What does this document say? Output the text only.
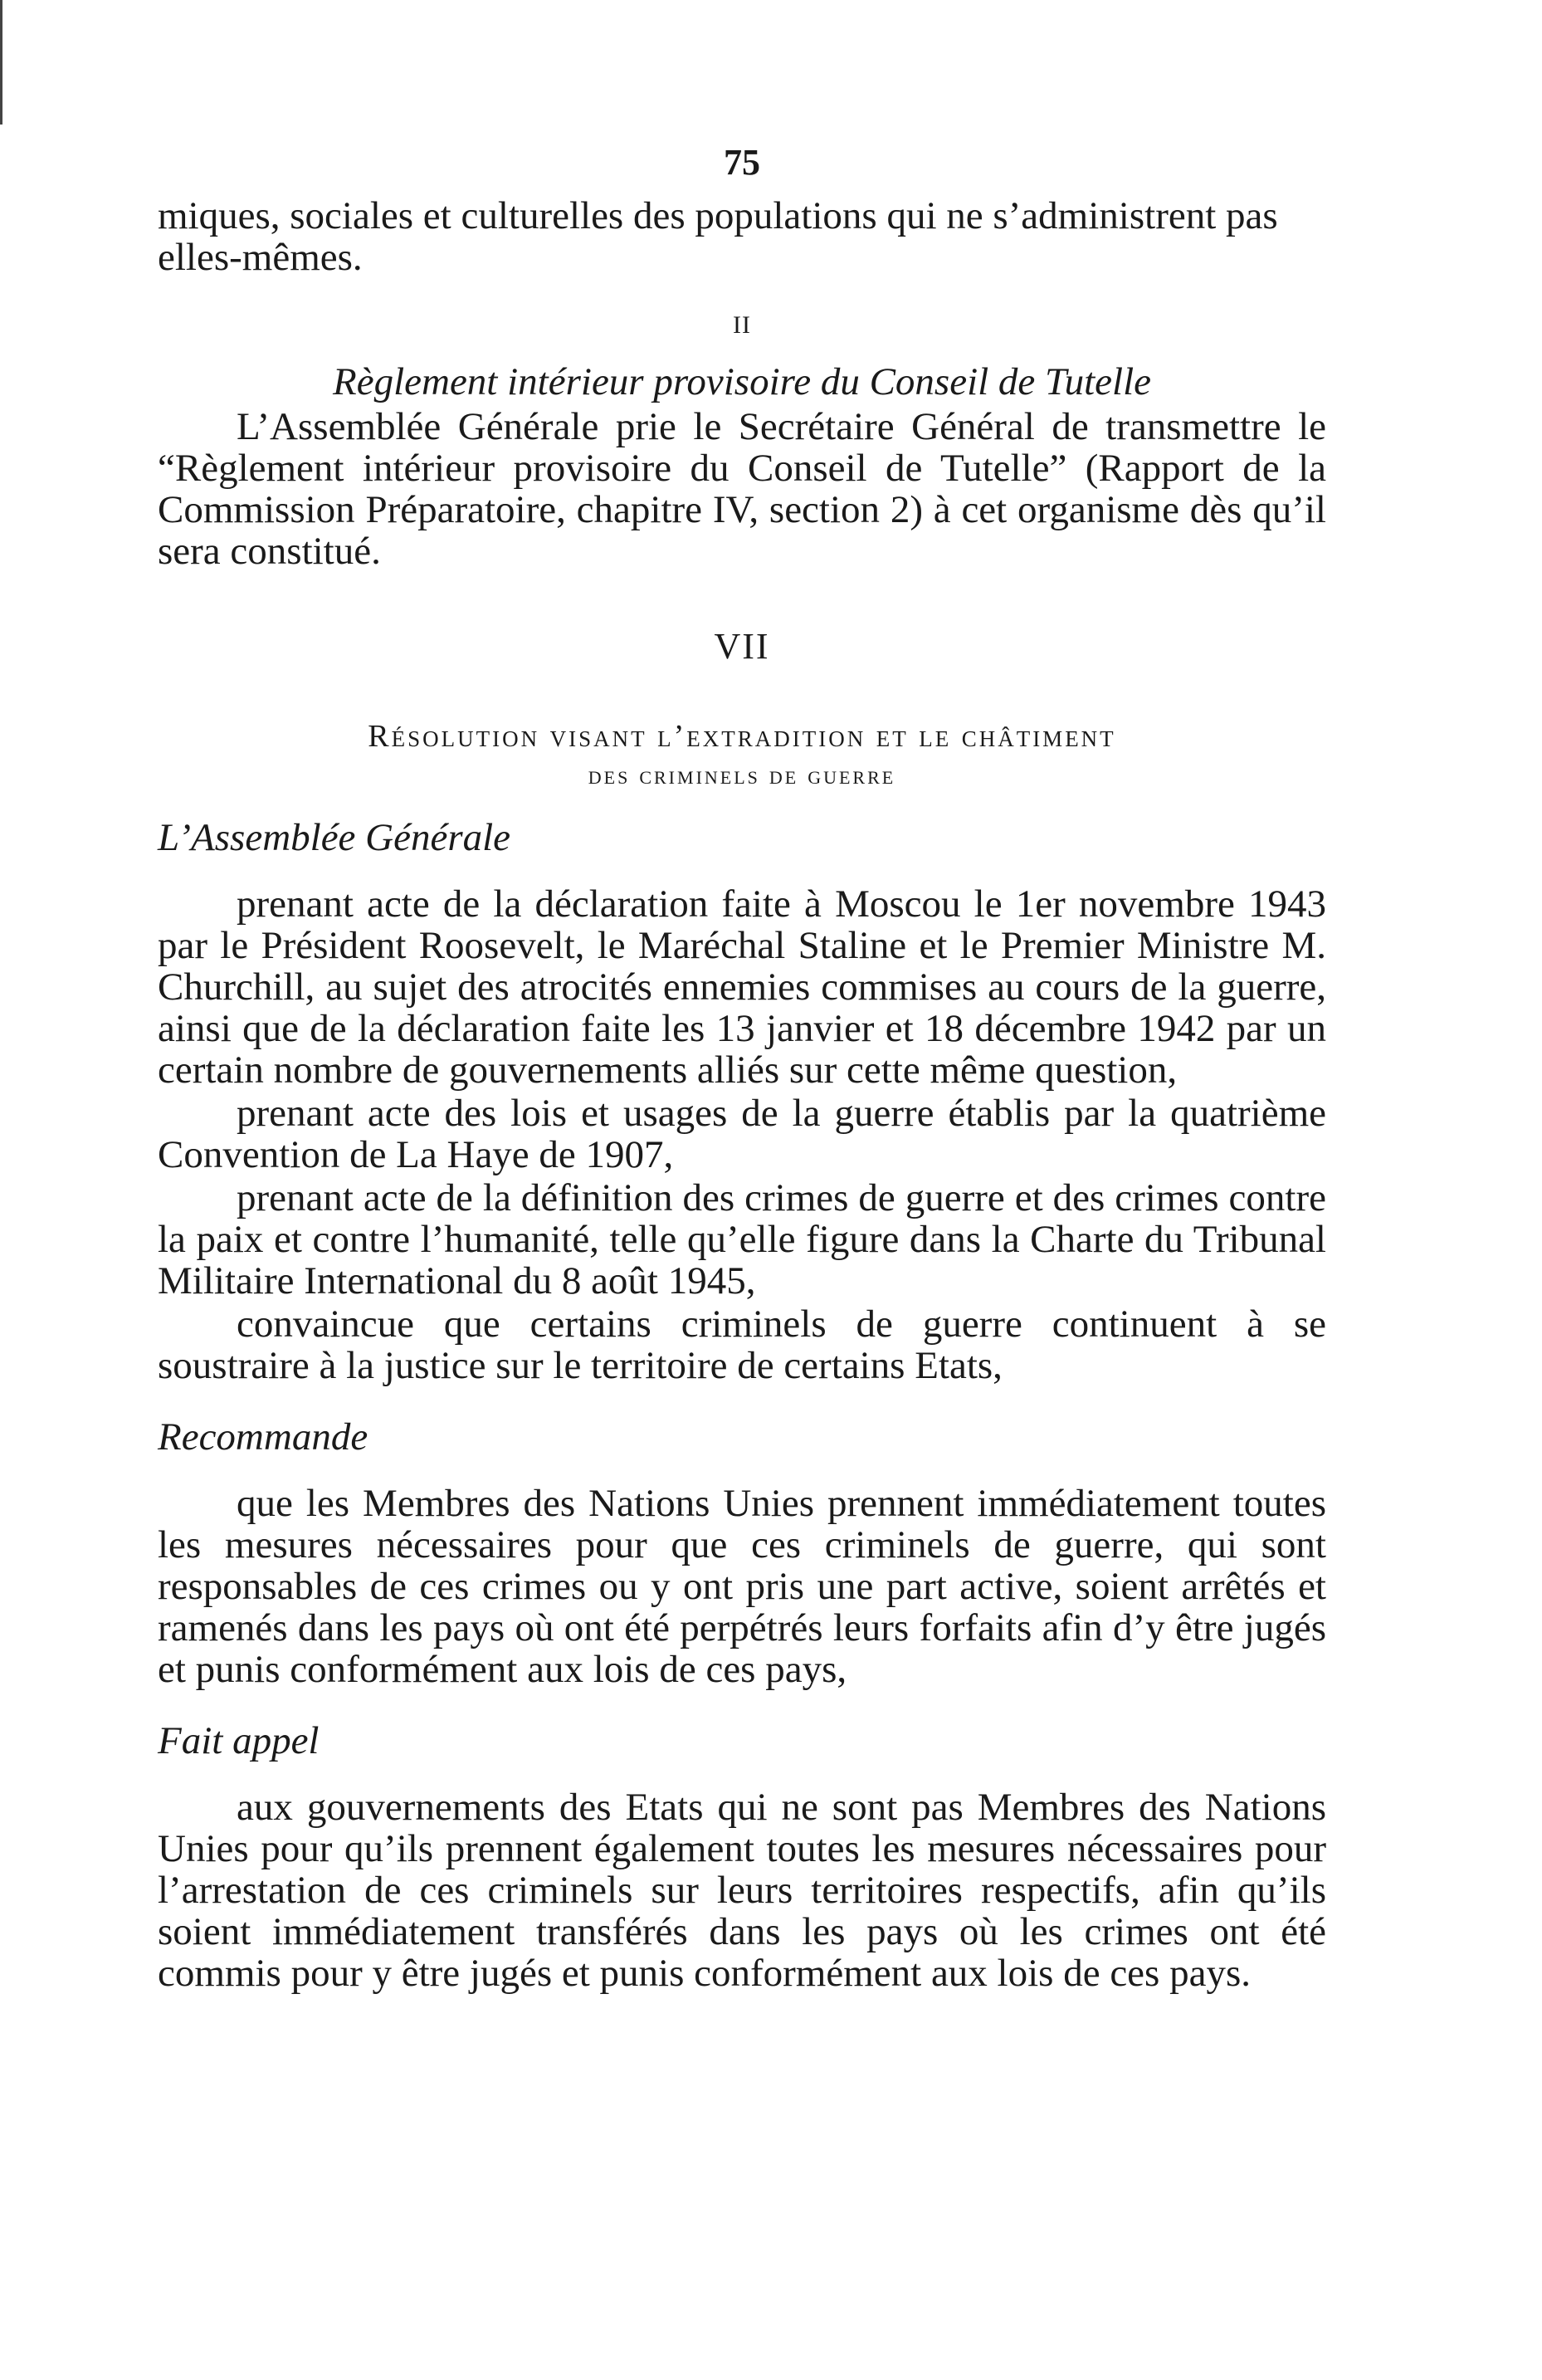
75

miques, sociales et culturelles des populations qui ne s’administrent pas elles-mêmes.

II

Règlement intérieur provisoire du Conseil de Tutelle

L’Assemblée Générale prie le Secrétaire Général de transmettre le “Règlement intérieur provisoire du Conseil de Tutelle” (Rapport de la Commission Préparatoire, chapitre IV, section 2) à cet organisme dès qu’il sera constitué.

VII

Résolution visant l’extradition et le châtiment

des criminels de guerre

L’Assemblée Générale

prenant acte de la déclaration faite à Moscou le 1er novembre 1943 par le Président Roosevelt, le Maréchal Staline et le Premier Ministre M. Churchill, au sujet des atrocités ennemies commises au cours de la guerre, ainsi que de la déclaration faite les 13 janvier et 18 décembre 1942 par un certain nombre de gouvernements alliés sur cette même question,

prenant acte des lois et usages de la guerre établis par la quatrième Convention de La Haye de 1907,

prenant acte de la définition des crimes de guerre et des crimes contre la paix et contre l’humanité, telle qu’elle figure dans la Charte du Tribunal Militaire International du 8 août 1945,

convaincue que certains criminels de guerre continuent à se soustraire à la justice sur le territoire de certains Etats,

Recommande

que les Membres des Nations Unies prennent immédiatement toutes les mesures nécessaires pour que ces criminels de guerre, qui sont responsables de ces crimes ou y ont pris une part active, soient arrêtés et ramenés dans les pays où ont été perpétrés leurs forfaits afin d’y être jugés et punis conformément aux lois de ces pays,

Fait appel

aux gouvernements des Etats qui ne sont pas Membres des Nations Unies pour qu’ils prennent également toutes les mesures nécessaires pour l’arrestation de ces criminels sur leurs territoires respectifs, afin qu’ils soient immédiatement transférés dans les pays où les crimes ont été commis pour y être jugés et punis conformément aux lois de ces pays.
